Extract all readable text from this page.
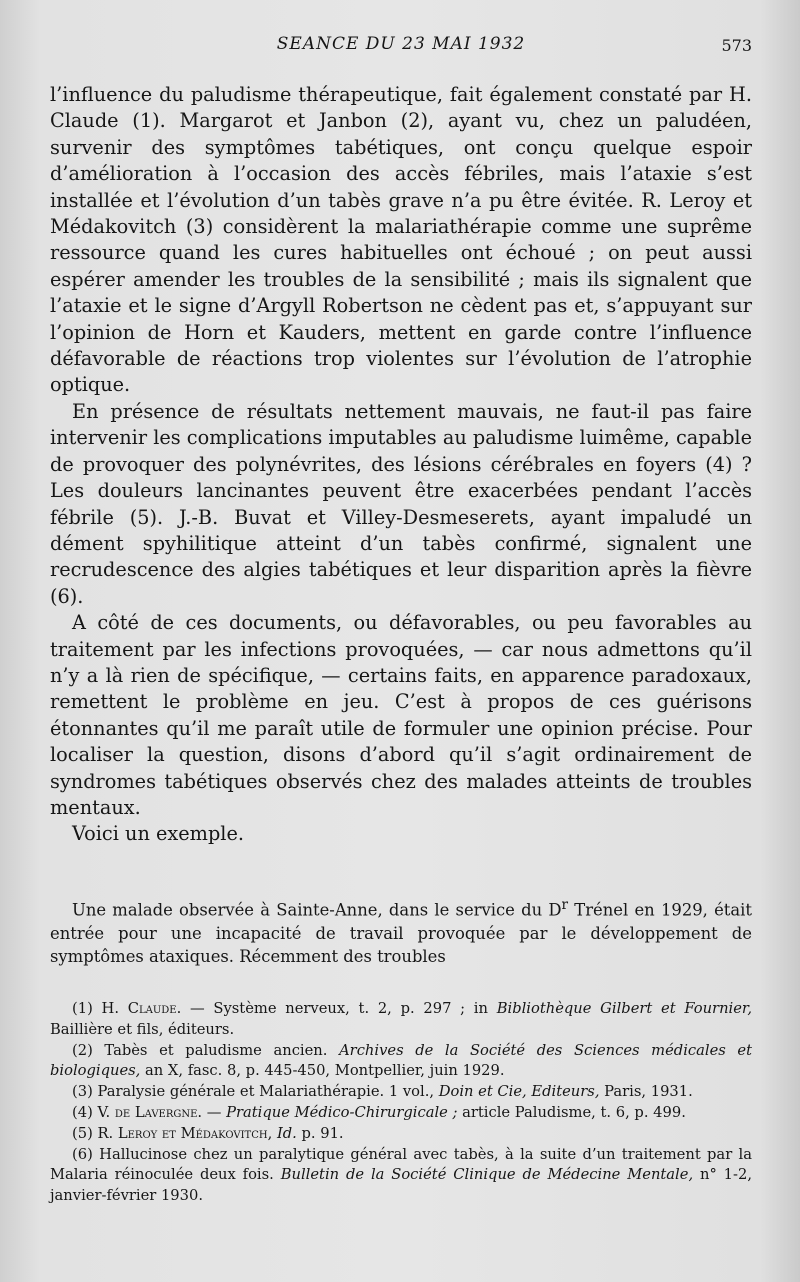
SEANCE DU 23 MAI 1932	573

l’influence du paludisme thérapeutique, fait également constaté par H. Claude (1). Margarot et Janbon (2), ayant vu, chez un paludéen, survenir des symptômes tabétiques, ont conçu quelque espoir d’amélioration à l’occasion des accès fébriles, mais l’ataxie s’est installée et l’évolution d’un tabès grave n’a pu être évitée. R. Leroy et Médakovitch (3) considèrent la malariathérapie comme une suprême ressource quand les cures habituelles ont échoué ; on peut aussi espérer amender les troubles de la sensibilité ; mais ils signalent que l’ataxie et le signe d’Argyll Robertson ne cèdent pas et, s’appuyant sur l’opinion de Horn et Kauders, mettent en garde contre l’influence défavorable de réactions trop violentes sur l’évolution de l’atrophie optique.

En présence de résultats nettement mauvais, ne faut-il pas faire intervenir les complications imputables au paludisme luimême, capable de provoquer des polynévrites, des lésions cérébrales en foyers (4) ? Les douleurs lancinantes peuvent être exacerbées pendant l’accès fébrile (5). J.-B. Buvat et Villey-Desmeserets, ayant impaludé un dément spyhilitique atteint d’un tabès confirmé, signalent une recrudescence des algies tabétiques et leur disparition après la fièvre (6).

A côté de ces documents, ou défavorables, ou peu favorables au traitement par les infections provoquées, — car nous admettons qu’il n’y a là rien de spécifique, — certains faits, en apparence paradoxaux, remettent le problème en jeu. C’est à propos de ces guérisons étonnantes qu’il me paraît utile de formuler une opinion précise. Pour localiser la question, disons d’abord qu’il s’agit ordinairement de syndromes tabétiques observés chez des malades atteints de troubles mentaux.

Voici un exemple.

Une malade observée à Sainte-Anne, dans le service du $D^r$ Trénel en 1929, était entrée pour une incapacité de travail provoquée par le développement de symptômes ataxiques. Récemment des troubles

(1) H. Claude. — Système nerveux, t. 2, p. 297 ; in Bibliothèque Gilbert et Fournier, Baillière et fils, éditeurs.

(2) Tabès et paludisme ancien. Archives de la Société des Sciences médicales et biologiques, an X, fasc. 8, p. 445-450, Montpellier, juin 1929.

(3) Paralysie générale et Malariathérapie. 1 vol., Doin et Cie, Editeurs, Paris, 1931.

(4) V. de Lavergne. — Pratique Médico-Chirurgicale ; article Paludisme, t. 6, p. 499.

(5) R. Leroy et Médakovitch, Id. p. 91.

(6) Hallucinose chez un paralytique général avec tabès, à la suite d’un traitement par la Malaria réinoculée deux fois. Bulletin de la Société Clinique de Médecine Mentale, n° 1-2, janvier-février 1930.
